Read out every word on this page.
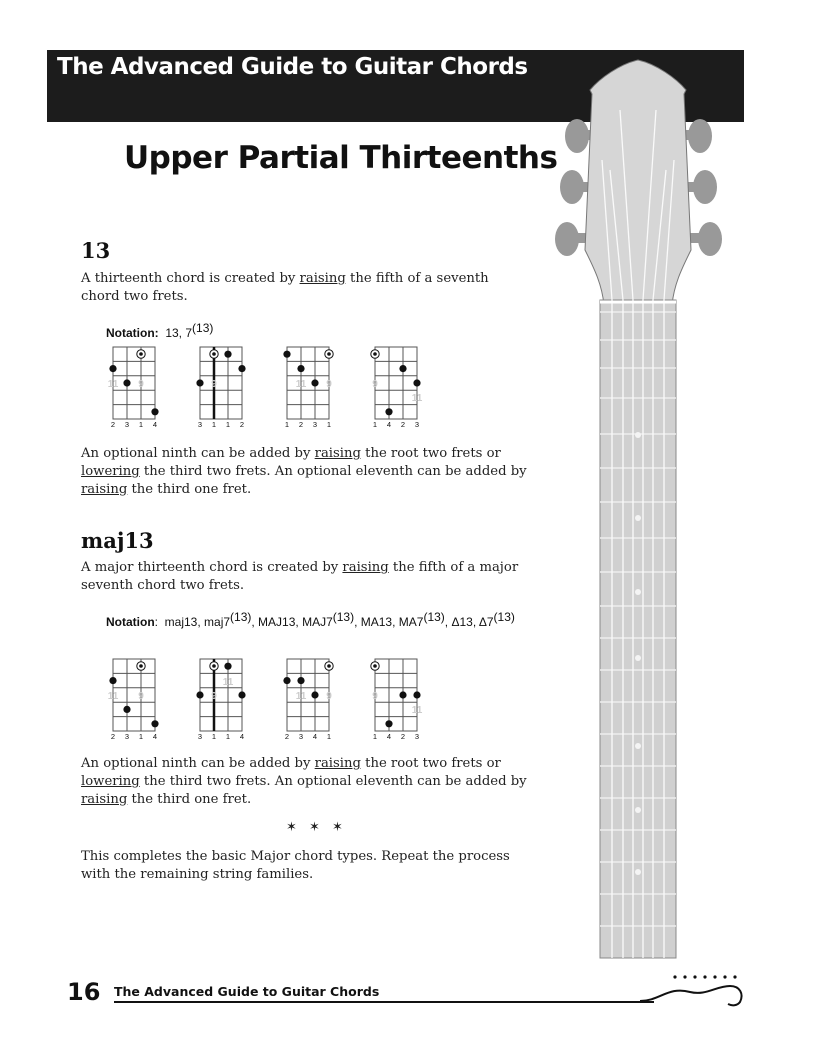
The Advanced Guide to Guitar Chords
Upper Partial Thirteenths
13
A thirteenth chord is created by raising the fifth of a seventh chord two frets.
Notation: 13, 7$^{(13)}$
11 9	9	11 9	9
11
2	3	1	4	3	1	1	2	1	2	3	1	1	4	2	3
An optional ninth can be added by raising the root two frets or lowering the third two frets. An optional eleventh can be added by raising the third one fret.
maj13
A major thirteenth chord is created by raising the fifth of a major seventh chord two frets.
Notation:  maj13, maj7$^{(13)}$, MAJ13, MAJ7$^{(13)}$, MA13, MA7$^{(13)}$, Δ13, Δ7$^{(13)}$
11 9
11
9	11 9	9
11
2	3	1	4	3	1	1	4	2	3	4	1	1	4	2	3
An optional ninth can be added by raising the root two frets or lowering the third two frets. An optional eleventh can be added by raising the third one fret.
✶ ✶ ✶
This completes the basic Major chord types. Repeat the process with the remaining string families.
16 The Advanced Guide to Guitar Chords
